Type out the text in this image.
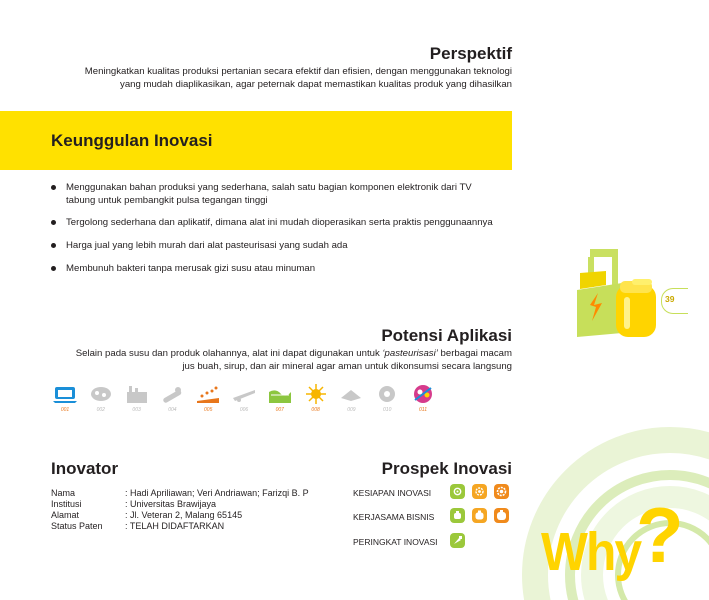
Perspektif
Meningkatkan kualitas produksi pertanian secara efektif dan efisien, dengan menggunakan teknologi
yang mudah diaplikasikan, agar peternak dapat memastikan kualitas produk yang dihasilkan
Keunggulan Inovasi
Menggunakan bahan produksi yang sederhana, salah satu bagian komponen elektronik dari TV
tabung untuk pembangkit pulsa tegangan tinggi
Tergolong sederhana dan aplikatif, dimana alat ini mudah dioperasikan serta praktis penggunaannya
Harga jual yang lebih murah dari alat pasteurisasi yang sudah ada
Membunuh bakteri tanpa merusak gizi susu atau minuman
39
Potensi Aplikasi
Selain pada susu dan produk olahannya, alat ini dapat digunakan untuk ‘pasteurisasi’ berbagai macam
jus buah, sirup, dan air mineral agar aman untuk dikonsumsi secara langsung
001	002	003	004	005	006	007	008	009	010	011
Inovator
Nama	: Hadi Apriliawan; Veri Andriawan; Farizqi B. P
Institusi	: Universitas Brawijaya
Alamat	: Jl. Veteran 2, Malang 65145
Status Paten	: TELAH DIDAFTARKAN
Prospek Inovasi
KESIAPAN INOVASI
KERJASAMA BISNIS
PERINGKAT INOVASI Why
?
